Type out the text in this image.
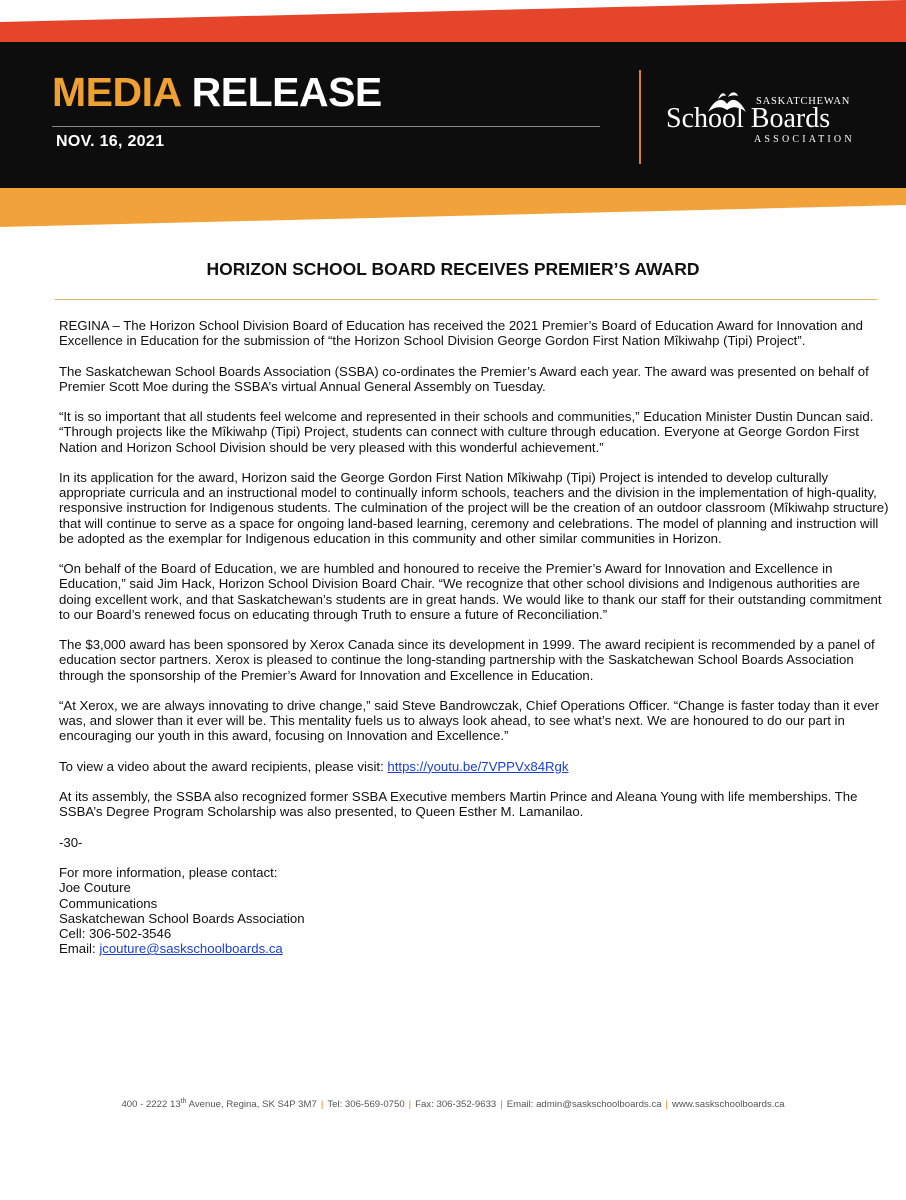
MEDIA RELEASE
NOV. 16, 2021
SASKATCHEWAN
School Boards
ASSOCIATION
HORIZON SCHOOL BOARD RECEIVES PREMIER’S AWARD

REGINA – The Horizon School Division Board of Education has received the 2021 Premier’s Board of Education Award for Innovation and Excellence in Education for the submission of “the Horizon School Division George Gordon First Nation Mîkiwahp (Tipi) Project”.

The Saskatchewan School Boards Association (SSBA) co-ordinates the Premier’s Award each year. The award was presented on behalf of Premier Scott Moe during the SSBA’s virtual Annual General Assembly on Tuesday.

“It is so important that all students feel welcome and represented in their schools and communities,” Education Minister Dustin Duncan said. “Through projects like the Mîkiwahp (Tipi) Project, students can connect with culture through education. Everyone at George Gordon First Nation and Horizon School Division should be very pleased with this wonderful achievement.”

In its application for the award, Horizon said the George Gordon First Nation Mîkiwahp (Tipi) Project is intended to develop culturally appropriate curricula and an instructional model to continually inform schools, teachers and the division in the implementation of high-quality, responsive instruction for Indigenous students. The culmination of the project will be the creation of an outdoor classroom (Mîkiwahp structure) that will continue to serve as a space for ongoing land-based learning, ceremony and celebrations. The model of planning and instruction will be adopted as the exemplar for Indigenous education in this community and other similar communities in Horizon.

“On behalf of the Board of Education, we are humbled and honoured to receive the Premier’s Award for Innovation and Excellence in Education,” said Jim Hack, Horizon School Division Board Chair. “We recognize that other school divisions and Indigenous authorities are doing excellent work, and that Saskatchewan’s students are in great hands. We would like to thank our staff for their outstanding commitment to our Board’s renewed focus on educating through Truth to ensure a future of Reconciliation.”

The $3,000 award has been sponsored by Xerox Canada since its development in 1999. The award recipient is recommended by a panel of education sector partners. Xerox is pleased to continue the long-standing partnership with the Saskatchewan School Boards Association through the sponsorship of the Premier’s Award for Innovation and Excellence in Education.

“At Xerox, we are always innovating to drive change,” said Steve Bandrowczak, Chief Operations Officer. “Change is faster today than it ever was, and slower than it ever will be. This mentality fuels us to always look ahead, to see what’s next. We are honoured to do our part in encouraging our youth in this award, focusing on Innovation and Excellence.”

To view a video about the award recipients, please visit: https://youtu.be/7VPPVx84Rgk

At its assembly, the SSBA also recognized former SSBA Executive members Martin Prince and Aleana Young with life memberships. The SSBA’s Degree Program Scholarship was also presented, to Queen Esther M. Lamanilao.

-30-

For more information, please contact:
Joe Couture
Communications
Saskatchewan School Boards Association
Cell: 306-502-3546
Email: jcouture@saskschoolboards.ca
400 - 2222 13th Avenue, Regina, SK S4P 3M7 | Tel: 306-569-0750 | Fax: 306-352-9633 | Email: admin@saskschoolboards.ca | www.saskschoolboards.ca
